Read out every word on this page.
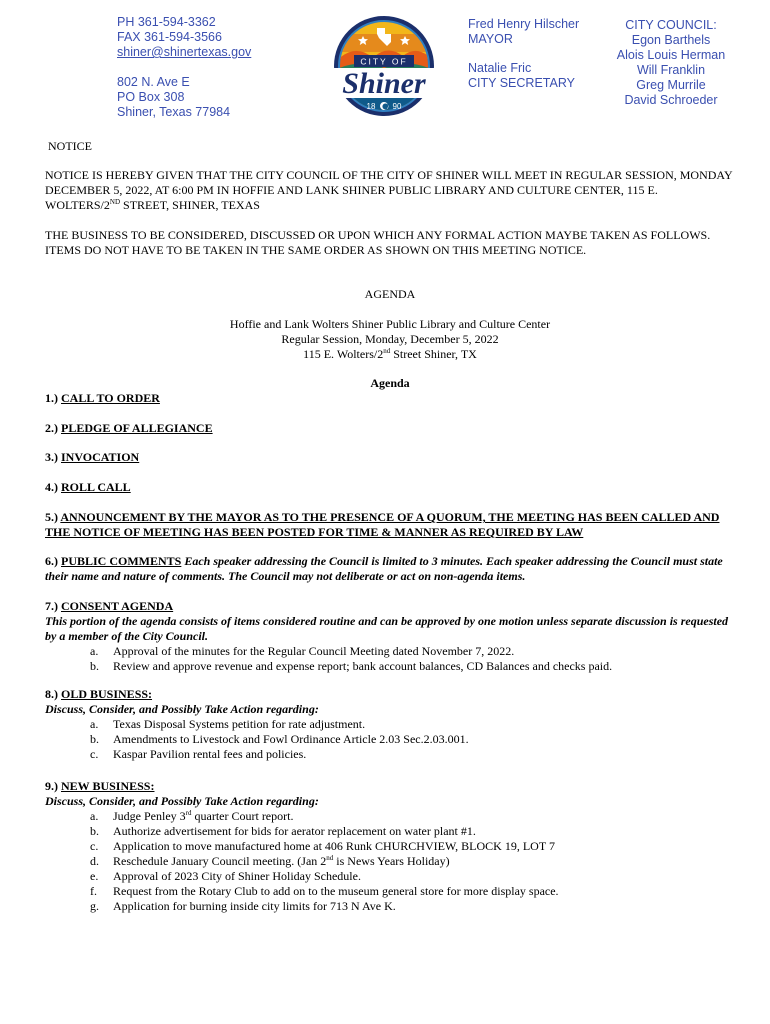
PH 361-594-3362
FAX 361-594-3566
shiner@shinertexas.gov
802 N. Ave E
PO Box 308
Shiner, Texas 77984
CITY OF
Shiner
18 90
Fred Henry Hilscher
MAYOR
Natalie Fric
CITY SECRETARY
CITY COUNCIL:
Egon Barthels
Alois Louis Herman
Will Franklin
Greg Murrile
David Schroeder
NOTICE
NOTICE IS HEREBY GIVEN THAT THE CITY COUNCIL OF THE CITY OF SHINER WILL MEET IN REGULAR SESSION, MONDAY DECEMBER 5, 2022, AT 6:00 PM IN HOFFIE AND LANK SHINER PUBLIC LIBRARY AND CULTURE CENTER, 115 E. WOLTERS/2ND STREET, SHINER, TEXAS
THE BUSINESS TO BE CONSIDERED, DISCUSSED OR UPON WHICH ANY FORMAL ACTION MAYBE TAKEN AS FOLLOWS. ITEMS DO NOT HAVE TO BE TAKEN IN THE SAME ORDER AS SHOWN ON THIS MEETING NOTICE.
AGENDA
Hoffie and Lank Wolters Shiner Public Library and Culture Center
Regular Session, Monday, December 5, 2022
115 E. Wolters/2nd Street Shiner, TX
Agenda
1.) CALL TO ORDER
2.) PLEDGE OF ALLEGIANCE
3.) INVOCATION
4.) ROLL CALL
5.) ANNOUNCEMENT BY THE MAYOR AS TO THE PRESENCE OF A QUORUM, THE MEETING HAS BEEN CALLED AND THE NOTICE OF MEETING HAS BEEN POSTED FOR TIME & MANNER AS REQUIRED BY LAW
6.) PUBLIC COMMENTS Each speaker addressing the Council is limited to 3 minutes. Each speaker addressing the Council must state their name and nature of comments. The Council may not deliberate or act on non-agenda items.
7.) CONSENT AGENDA
This portion of the agenda consists of items considered routine and can be approved by one motion unless separate discussion is requested by a member of the City Council.
a. Approval of the minutes for the Regular Council Meeting dated November 7, 2022.
b. Review and approve revenue and expense report; bank account balances, CD Balances and checks paid.
8.) OLD BUSINESS:
Discuss, Consider, and Possibly Take Action regarding:
a. Texas Disposal Systems petition for rate adjustment.
b. Amendments to Livestock and Fowl Ordinance Article 2.03 Sec.2.03.001.
c. Kaspar Pavilion rental fees and policies.
9.) NEW BUSINESS:
Discuss, Consider, and Possibly Take Action regarding:
a. Judge Penley 3rd quarter Court report.
b. Authorize advertisement for bids for aerator replacement on water plant #1.
c. Application to move manufactured home at 406 Runk CHURCHVIEW, BLOCK 19, LOT 7
d. Reschedule January Council meeting. (Jan 2nd is News Years Holiday)
e. Approval of 2023 City of Shiner Holiday Schedule.
f. Request from the Rotary Club to add on to the museum general store for more display space.
g. Application for burning inside city limits for 713 N Ave K.
